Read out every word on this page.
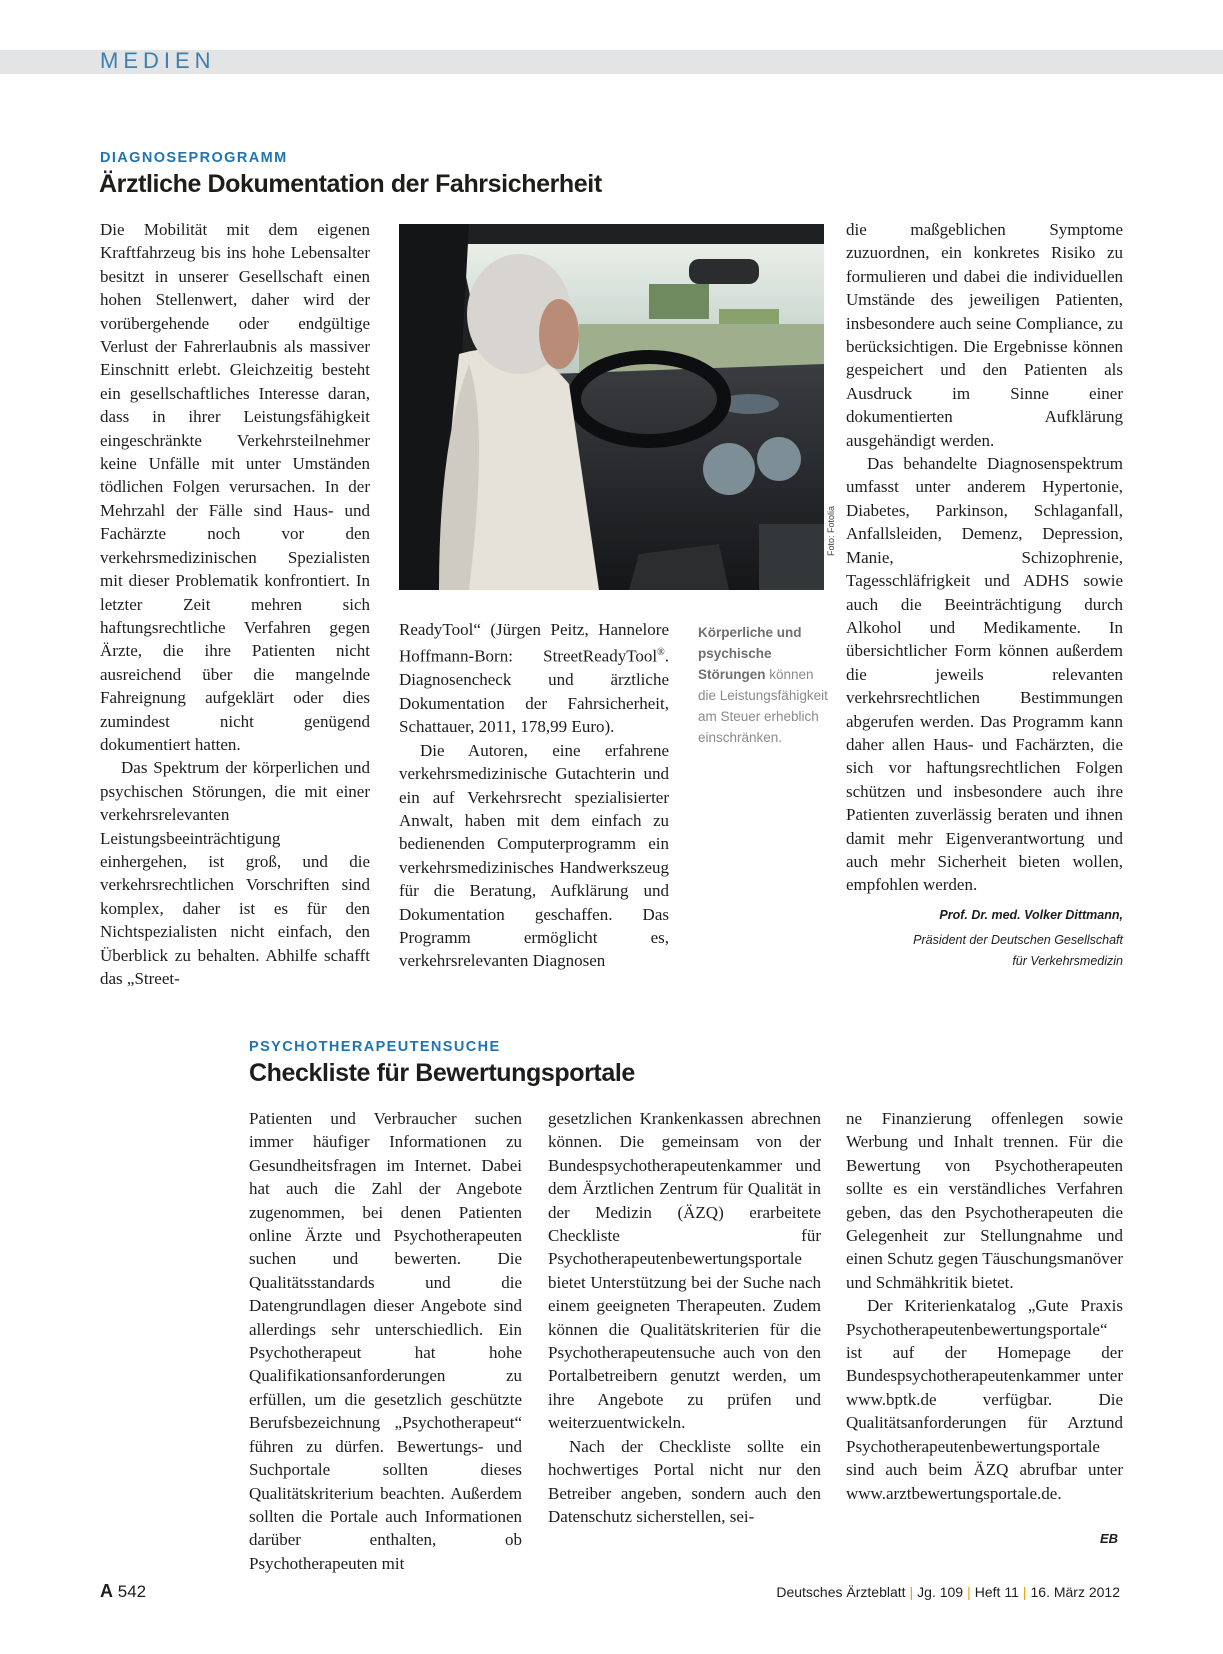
MEDIEN
DIAGNOSEPROGRAMM
Ärztliche Dokumentation der Fahrsicherheit

Die Mobilität mit dem eigenen Kraftfahrzeug bis ins hohe Lebensalter besitzt in unserer Gesellschaft einen hohen Stellenwert, daher wird der vorübergehende oder endgültige Verlust der Fahrerlaubnis als massiver Einschnitt erlebt. Gleichzeitig besteht ein gesellschaftliches Interesse daran, dass in ihrer Leistungsfähigkeit eingeschränkte Verkehrsteilnehmer keine Unfälle mit unter Umständen tödlichen Folgen verursachen. In der Mehrzahl der Fälle sind Haus- und Fachärzte noch vor den verkehrsmedizinischen Spezialisten mit dieser Problematik konfrontiert. In letzter Zeit mehren sich haftungsrechtliche Verfahren gegen Ärzte, die ihre Patienten nicht ausreichend über die mangelnde Fahreignung aufgeklärt oder dies zumindest nicht genügend dokumentiert hatten.

Das Spektrum der körperlichen und psychischen Störungen, die mit einer verkehrsrelevanten Leistungsbeeinträchtigung einhergehen, ist groß, und die verkehrsrechtlichen Vorschriften sind komplex, daher ist es für den Nichtspezialisten nicht einfach, den Überblick zu behalten. Abhilfe schafft das „Street-

Foto: Fotolia

ReadyTool“ (Jürgen Peitz, Hannelore Hoffmann-Born: StreetReadyTool®. Diagnosencheck und ärztliche Dokumentation der Fahrsicherheit, Schattauer, 2011, 178,99 Euro).

Die Autoren, eine erfahrene verkehrsmedizinische Gutachterin und ein auf Verkehrsrecht spezialisierter Anwalt, haben mit dem einfach zu bedienenden Computerprogramm ein verkehrsmedizinisches Handwerkszeug für die Beratung, Aufklärung und Dokumentation geschaffen. Das Programm ermöglicht es, verkehrsrelevanten Diagnosen

Körperliche und psychische Störungen können die Leistungsfähigkeit am Steuer erheblich einschränken.

die maßgeblichen Symptome zuzuordnen, ein konkretes Risiko zu formulieren und dabei die individuellen Umstände des jeweiligen Patienten, insbesondere auch seine Compliance, zu berücksichtigen. Die Ergebnisse können gespeichert und den Patienten als Ausdruck im Sinne einer dokumentierten Aufklärung ausgehändigt werden.

Das behandelte Diagnosenspektrum umfasst unter anderem Hypertonie, Diabetes, Parkinson, Schlaganfall, Anfallsleiden, Demenz, Depression, Manie, Schizophrenie, Tagesschläfrigkeit und ADHS sowie auch die Beeinträchtigung durch Alkohol und Medikamente. In übersichtlicher Form können außerdem die jeweils relevanten verkehrsrechtlichen Bestimmungen abgerufen werden. Das Programm kann daher allen Haus- und Fachärzten, die sich vor haftungsrechtlichen Folgen schützen und insbesondere auch ihre Patienten zuverlässig beraten und ihnen damit mehr Eigenverantwortung und auch mehr Sicherheit bieten wollen, empfohlen werden.

Prof. Dr. med. Volker Dittmann,
Präsident der Deutschen Gesellschaft
für Verkehrsmedizin
PSYCHOTHERAPEUTENSUCHE
Checkliste für Bewertungsportale

Patienten und Verbraucher suchen immer häufiger Informationen zu Gesundheitsfragen im Internet. Dabei hat auch die Zahl der Angebote zugenommen, bei denen Patienten online Ärzte und Psychotherapeuten suchen und bewerten. Die Qualitätsstandards und die Datengrundlagen dieser Angebote sind allerdings sehr unterschiedlich. Ein Psychotherapeut hat hohe Qualifikationsanforderungen zu erfüllen, um die gesetzlich geschützte Berufsbezeichnung „Psychotherapeut“ führen zu dürfen. Bewertungs- und Suchportale sollten dieses Qualitätskriterium beachten. Außerdem sollten die Portale auch Informationen darüber enthalten, ob Psychotherapeuten mit

gesetzlichen Krankenkassen abrechnen können. Die gemeinsam von der Bundespsychotherapeutenkammer und dem Ärztlichen Zentrum für Qualität in der Medizin (ÄZQ) erarbeitete Checkliste für Psychotherapeutenbewertungsportale bietet Unterstützung bei der Suche nach einem geeigneten Therapeuten. Zudem können die Qualitätskriterien für die Psychotherapeutensuche auch von den Portalbetreibern genutzt werden, um ihre Angebote zu prüfen und weiterzuentwickeln.

Nach der Checkliste sollte ein hochwertiges Portal nicht nur den Betreiber angeben, sondern auch den Datenschutz sicherstellen, sei-

ne Finanzierung offenlegen sowie Werbung und Inhalt trennen. Für die Bewertung von Psychotherapeuten sollte es ein verständliches Verfahren geben, das den Psychotherapeuten die Gelegenheit zur Stellungnahme und einen Schutz gegen Täuschungsmanöver und Schmähkritik bietet.

Der Kriterienkatalog „Gute Praxis Psychotherapeutenbewertungsportale“ ist auf der Homepage der Bundespsychotherapeutenkammer unter www.bptk.de verfügbar. Die Qualitätsanforderungen für Arztund Psychotherapeutenbewertungsportale sind auch beim ÄZQ abrufbar unter www.arztbewertungsportale.de.

EB
A 542	Deutsches Ärzteblatt | Jg. 109 | Heft 11 | 16. März 2012
